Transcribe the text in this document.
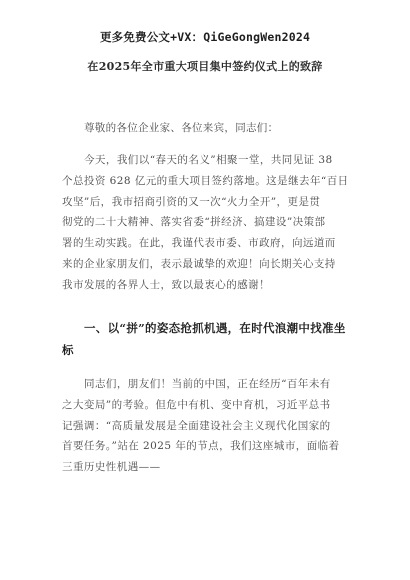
更多免费公文+VX：QiGeGongWen2024
在2025年全市重大项目集中签约仪式上的致辞
尊敬的各位企业家、各位来宾，同志们：
今天，我们以“春天的名义”相聚一堂，共同见证 38
个总投资 628 亿元的重大项目签约落地。这是继去年“百日
攻坚”后，我市招商引资的又一次“火力全开”，更是贯
彻党的二十大精神、落实省委“拼经济、搞建设”决策部
署的生动实践。在此，我谨代表市委、市政府，向远道而
来的企业家朋友们，表示最诚挚的欢迎！向长期关心支持
我市发展的各界人士，致以最衷心的感谢！
一、以“拼”的姿态抢抓机遇，在时代浪潮中找准坐
标
同志们，朋友们！当前的中国，正在经历“百年未有
之大变局”的考验。但危中有机、变中育机，习近平总书
记强调：“高质量发展是全面建设社会主义现代化国家的
首要任务。”站在 2025 年的节点，我们这座城市，面临着
三重历史性机遇——
